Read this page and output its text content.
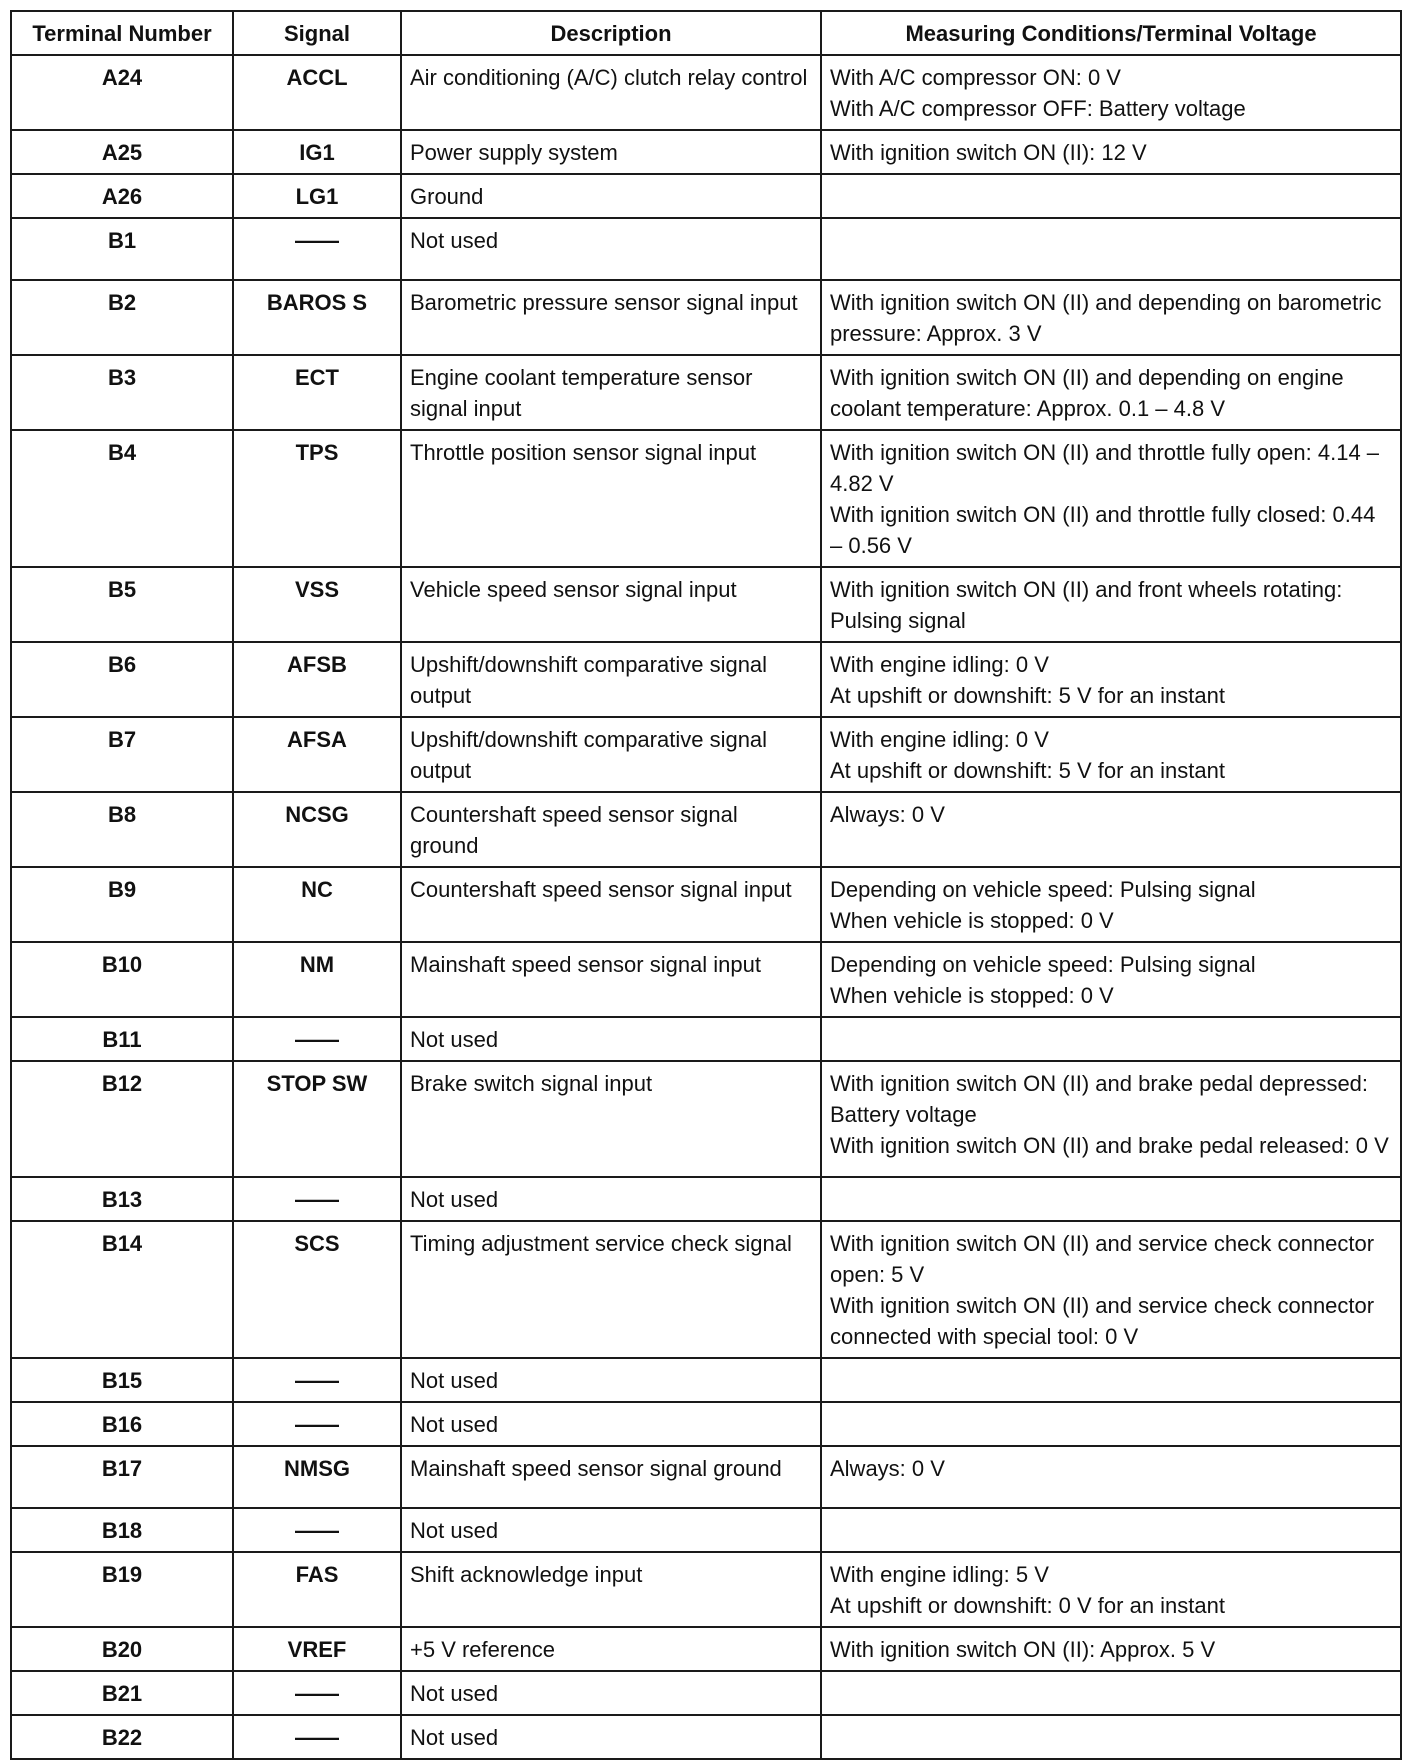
Terminal Number	Signal	Description	Measuring Conditions/Terminal Voltage
A24	ACCL	Air conditioning (A/C) clutch relay control	With A/C compressor ON: 0 V
With A/C compressor OFF: Battery voltage

A25	IG1	Power supply system	With ignition switch ON (II): 12 V

A26	LG1	Ground	
B1	——	Not used	
B2	BAROS S	Barometric pressure sensor signal input	With ignition switch ON (II) and depending on barometric pressure: Approx. 3 V

B3	ECT	Engine coolant temperature sensor signal input	With ignition switch ON (II) and depending on engine coolant temperature: Approx. 0.1 – 4.8 V

B4	TPS	Throttle position sensor signal input	With ignition switch ON (II) and throttle fully open: 4.14 – 4.82 V
With ignition switch ON (II) and throttle fully closed: 0.44 – 0.56 V

B5	VSS	Vehicle speed sensor signal input	With ignition switch ON (II) and front wheels rotating: Pulsing signal

B6	AFSB	Upshift/downshift comparative signal output	With engine idling: 0 V
At upshift or downshift: 5 V for an instant

B7	AFSA	Upshift/downshift comparative signal output	With engine idling: 0 V
At upshift or downshift: 5 V for an instant

B8	NCSG	Countershaft speed sensor signal ground	Always: 0 V

B9	NC	Countershaft speed sensor signal input	Depending on vehicle speed: Pulsing signal
When vehicle is stopped: 0 V

B10	NM	Mainshaft speed sensor signal input	Depending on vehicle speed: Pulsing signal
When vehicle is stopped: 0 V

B11	——	Not used	
B12	STOP SW	Brake switch signal input	With ignition switch ON (II) and brake pedal depressed: Battery voltage
With ignition switch ON (II) and brake pedal released: 0 V

B13	——	Not used	
B14	SCS	Timing adjustment service check signal	With ignition switch ON (II) and service check connector open: 5 V
With ignition switch ON (II) and service check connector connected with special tool: 0 V

B15	——	Not used	
B16	——	Not used	
B17	NMSG	Mainshaft speed sensor signal ground	Always: 0 V

B18	——	Not used	
B19	FAS	Shift acknowledge input	With engine idling: 5 V
At upshift or downshift: 0 V for an instant

B20	VREF	+5 V reference	With ignition switch ON (II): Approx. 5 V

B21	——	Not used	
B22	——	Not used	
